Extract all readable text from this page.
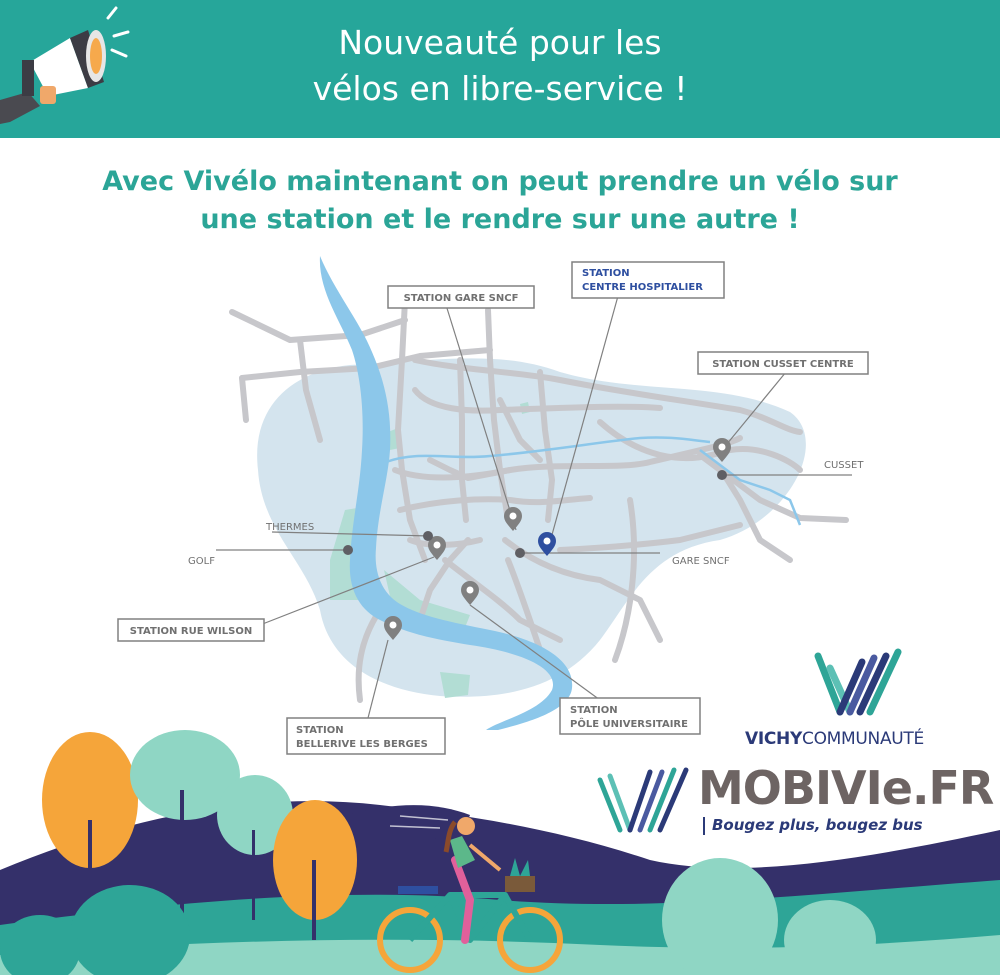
STATION GARE SNCF
STATION
CENTRE HOSPITALIER
STATION CUSSET CENTRE
STATION RUE WILSON
STATION
BELLERIVE LES BERGES
STATION
PÔLE UNIVERSITAIRE
CUSSET
THERMES
GOLF	GARE SNCF
Nouveauté pour les
vélos en libre-service !
Avec Vivélo maintenant on peut prendre un vélo sur
une station et le rendre sur une autre !
VICHYCOMMUNAUTÉ
MOBIVIe.FR
Bougez plus, bougez bus
